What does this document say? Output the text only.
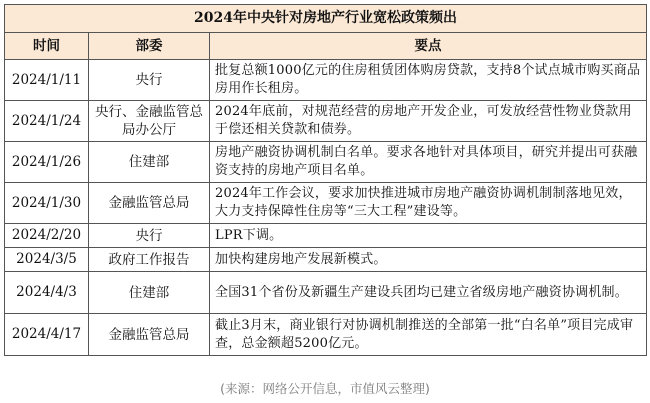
2024年中央针对房地产行业宽松政策频出		
时间	部委	要点
2024/1/11	央行	批复总额1000亿元的住房租赁团体购房贷款，支持8个试点城市购买商品房用作长租房。
2024/1/24	央行、金融监管总局办公厅	2024年底前，对规范经营的房地产开发企业，可发放经营性物业贷款用于偿还相关贷款和债券。
2024/1/26	住建部	房地产融资协调机制白名单。要求各地针对具体项目，研究并提出可获融资支持的房地产项目名单。
2024/1/30	金融监管总局	2024年工作会议，要求加快推进城市房地产融资协调机制制落地见效，大力支持保障性住房等“三大工程”建设等。
2024/2/20	央行	LPR下调。
2024/3/5	政府工作报告	加快构建房地产发展新模式。
2024/4/3	住建部	全国31个省份及新疆生产建设兵团均已建立省级房地产融资协调机制。
2024/4/17	金融监管总局	截止3月末，商业银行对协调机制推送的全部第一批“白名单”项目完成审查，总金额超5200亿元。
(来源：网络公开信息，市值风云整理)
